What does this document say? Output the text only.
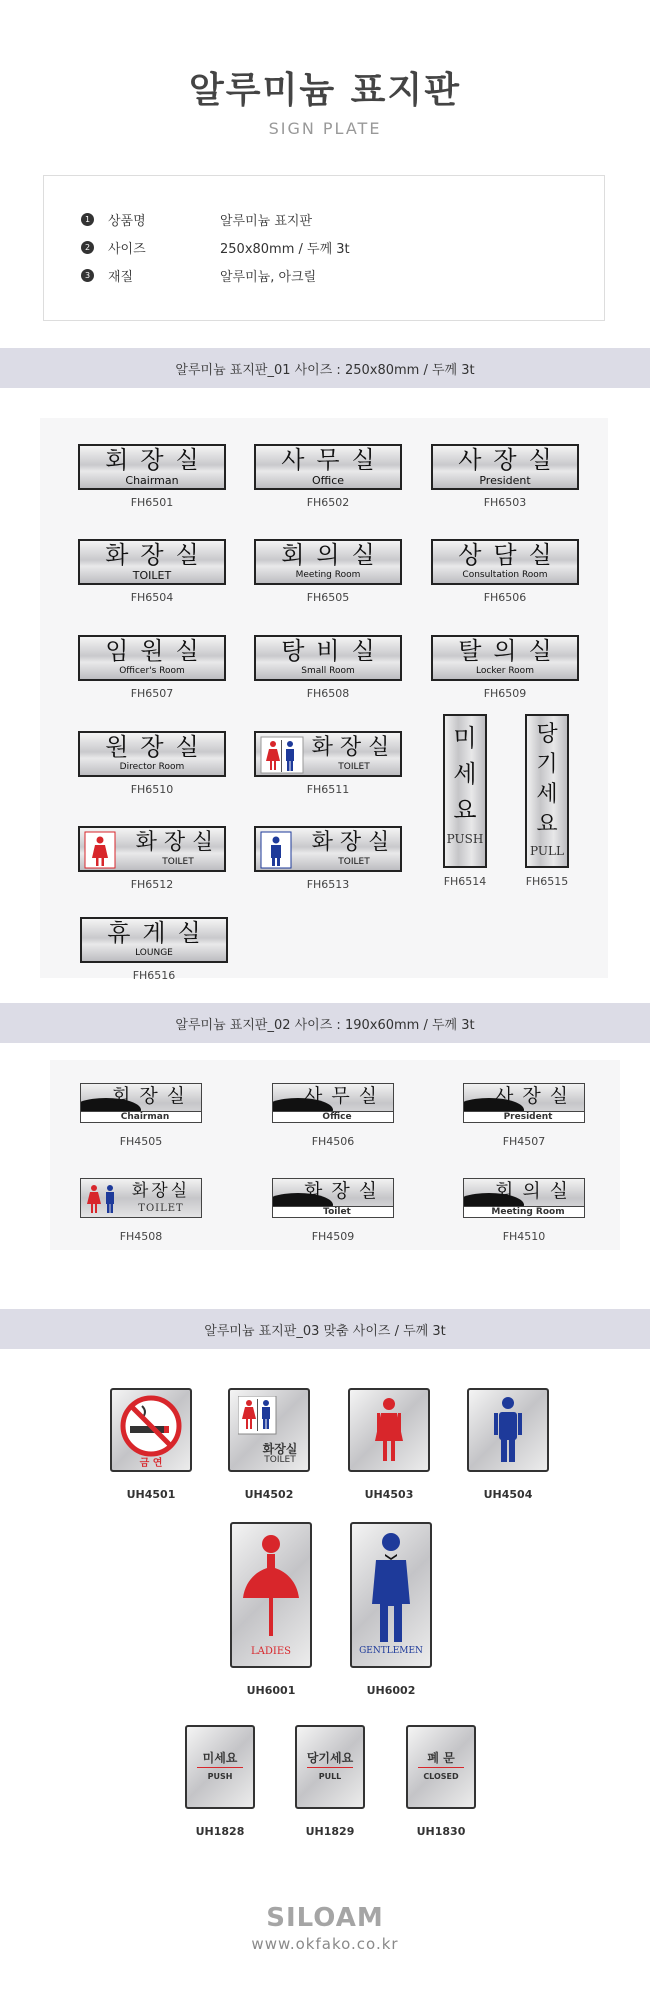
알루미늄 표지판
SIGN PLATE
1	상품명	알루미늄 표지판
2	사이즈	250x80mm / 두께 3t
3	재질	알루미늄, 아크릴
알루미늄 표지판_01 사이즈 : 250x80mm / 두께 3t
회장실
Chairman
FH6501
사무실
Office
FH6502
사장실
President
FH6503
화장실
TOILET
FH6504
회의실
Meeting Room
FH6505
상담실
Consultation Room
FH6506
임원실
Officer's Room
FH6507
탕비실
Small Room
FH6508
탈의실
Locker Room
FH6509
원장실
Director Room
FH6510
화장실
TOILET
FH6511
화장실
TOILET
FH6512
화장실
TOILET
FH6513
휴게실
LOUNGE
FH6516
미
세
요
PUSH
FH6514
당
기
세
요
PULL
FH6515
알루미늄 표지판_02 사이즈 : 190x60mm / 두께 3t
회장실
Chairman
FH4505
사무실
Office
FH4506
사장실
President
FH4507
화장실
TOILET
FH4508
화장실
Toilet
FH4509
회의실
Meeting Room
FH4510
알루미늄 표지판_03 맞춤 사이즈 / 두께 3t
금 연
UH4501
화장실
TOILET
UH4502	UH4503	UH4504
LADIES
UH6001
GENTLEMEN
UH6002
미세요
PUSH
UH1828
당기세요
PULL
UH1829
폐 문
CLOSED
UH1830
SILOAM
www.okfako.co.kr
